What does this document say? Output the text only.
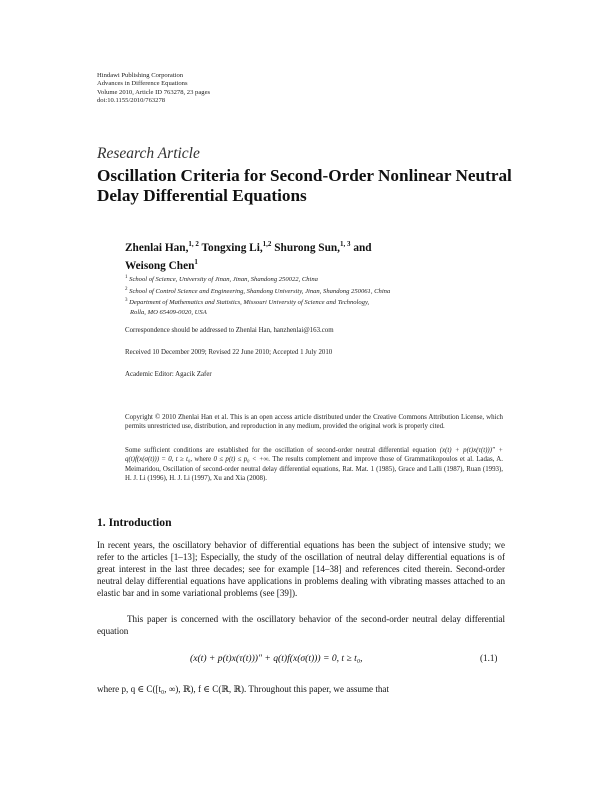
Hindawi Publishing Corporation
Advances in Difference Equations
Volume 2010, Article ID 763278, 23 pages
doi:10.1155/2010/763278
Research Article
Oscillation Criteria for Second-Order Nonlinear Neutral Delay Differential Equations
Zhenlai Han,$^{1, 2}$ Tongxing Li,$^{1,2}$ Shurong Sun,$^{1, 3}$ and
Weisong Chen$^1$
$^1$ School of Science, University of Jinan, Jinan, Shandong 250022, China
$^2$ School of Control Science and Engineering, Shandong University, Jinan, Shandong 250061, China
$^3$ Department of Mathematics and Statistics, Missouri University of Science and Technology,
Rolla, MO 65409-0020, USA
Correspondence should be addressed to Zhenlai Han, hanzhenlai@163.com
Received 10 December 2009; Revised 22 June 2010; Accepted 1 July 2010
Academic Editor: Agacik Zafer
Copyright © 2010 Zhenlai Han et al. This is an open access article distributed under the Creative Commons Attribution License, which permits unrestricted use, distribution, and reproduction in any medium, provided the original work is properly cited.
Some sufficient conditions are established for the oscillation of second-order neutral differential equation (x(t) + p(t)x(τ(t)))″ + q(t)f(x(σ(t))) = 0, t ≥ t₀, where 0 ≤ p(t) ≤ p₀ < +∞. The results complement and improve those of Grammatikopoulos et al. Ladas, A. Meimaridou, Oscillation of second-order neutral delay differential equations, Rat. Mat. 1 (1985), Grace and Lalli (1987), Ruan (1993), H. J. Li (1996), H. J. Li (1997), Xu and Xia (2008).
1. Introduction
In recent years, the oscillatory behavior of differential equations has been the subject of intensive study; we refer to the articles [1–13]; Especially, the study of the oscillation of neutral delay differential equations is of great interest in the last three decades; see for example [14–38] and references cited therein. Second-order neutral delay differential equations have applications in problems dealing with vibrating masses attached to an elastic bar and in some variational problems (see [39]).
This paper is concerned with the oscillatory behavior of the second-order neutral delay differential equation
(x(t) + p(t)x(τ(t)))″ + q(t)f(x(σ(t))) = 0, t ≥ t₀,	(1.1)
where p, q ∈ C([t₀, ∞), ℝ), f ∈ C(ℝ, ℝ). Throughout this paper, we assume that
